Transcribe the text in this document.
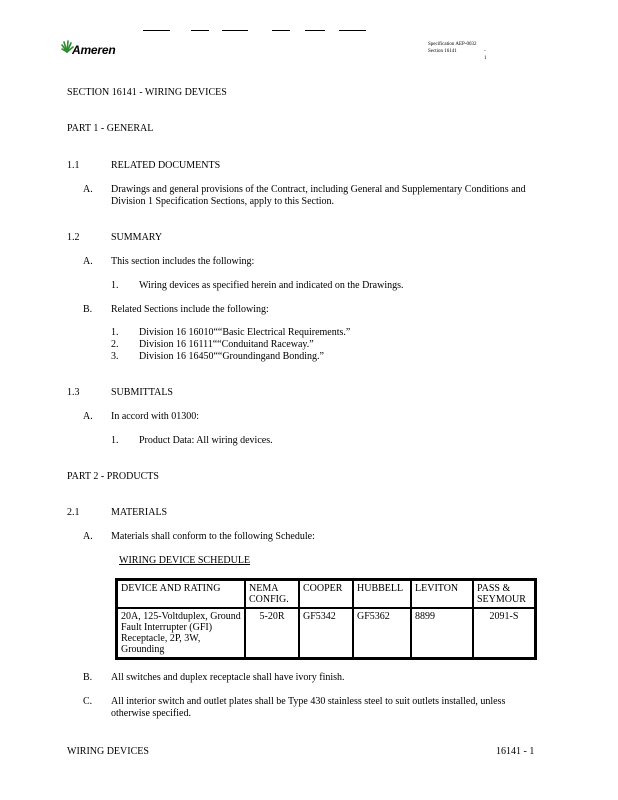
Ameren	Specification AEP-0032
Section 16141	- 1
SECTION 16141 - WIRING DEVICES
PART 1 - GENERAL
1.1	RELATED DOCUMENTS
A. Drawings and general provisions of the Contract, including General and Supplementary Conditions and
Division 1 Specification Sections, apply to this Section.
1.2	SUMMARY
A. This section includes the following:
1. Wiring devices as specified herein and indicated on the Drawings.
B. Related Sections include the following:
1. Division 16 16010““Basic Electrical Requirements.”
2. Division 16 16111““Conduitand Raceway.”
3. Division 16 16450““Groundingand Bonding.”
1.3	SUBMITTALS
A. In accord with 01300:
1. Product Data: All wiring devices.
PART 2 - PRODUCTS
2.1	MATERIALS
A. Materials shall conform to the following Schedule:
WIRING DEVICE SCHEDULE
DEVICE AND RATING	NEMA CONFIG.	COOPER	HUBBELL	LEVITON	PASS & SEYMOUR
20A, 125-Voltduplex, Ground Fault Interrupter (GFI) Receptacle, 2P, 3W, Grounding	5-20R	GF5342	GF5362	8899	2091-S
B. All switches and duplex receptacle shall have ivory finish.
C. All interior switch and outlet plates shall be Type 430 stainless steel to suit outlets installed, unless
otherwise specified.
WIRING DEVICES	16141 - 1
